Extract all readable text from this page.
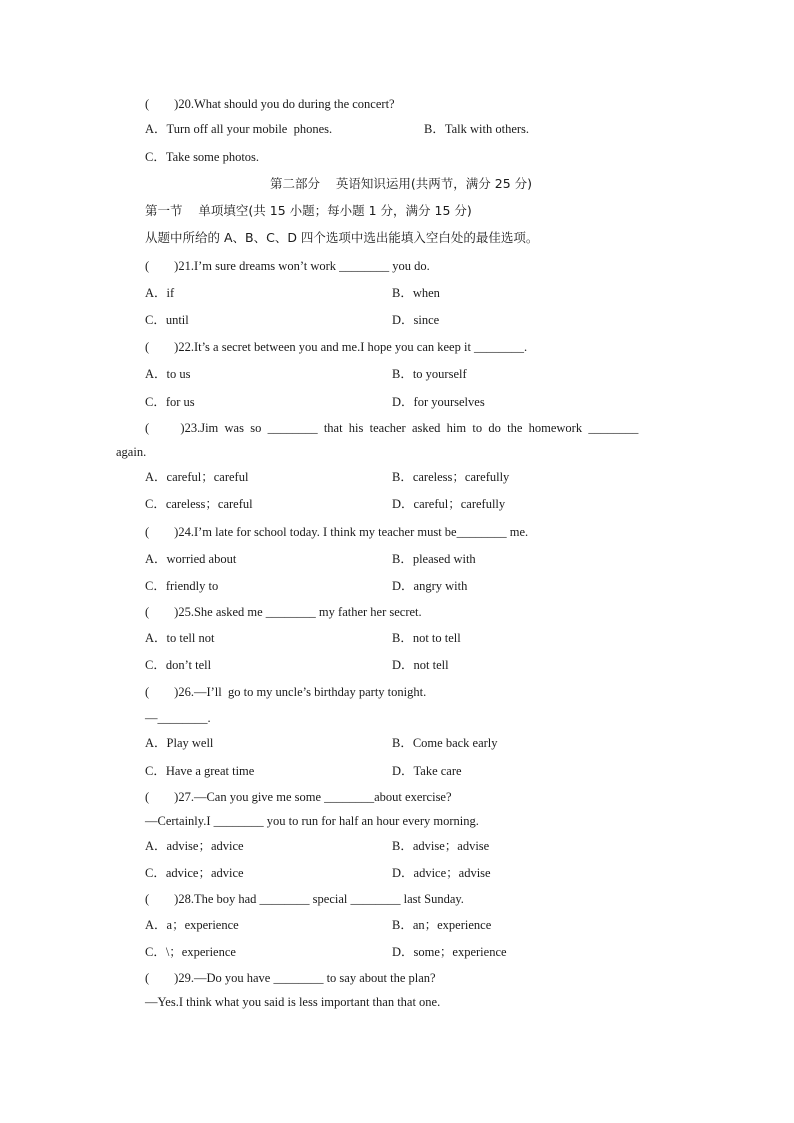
(        )20.What should you do during the concert?
A．Turn off all your mobile  phones.	B．Talk with others.
C．Take some photos.
第二部分    英语知识运用(共两节，满分 25 分)
第一节    单项填空(共 15 小题；每小题 1 分，满分 15 分)
从题中所给的 A、B、C、D 四个选项中选出能填入空白处的最佳选项。
(        )21.I’m sure dreams won’t work ________ you do.
A．if	B．when
C．until	D．since
(        )22.It’s a secret between you and me.I hope you can keep it ________.
A．to us	B．to yourself
C．for us	D．for yourselves
(          )23.Jim  was  so  ________  that  his  teacher  asked  him  to  do  the  homework  ________
again.
A．careful；careful	B．careless；carefully
C．careless；careful	D．careful；carefully
(        )24.I’m late for school today. I think my teacher must be________ me.
A．worried about	B．pleased with
C．friendly to	D．angry with
(        )25.She asked me ________ my father her secret.
A．to tell not	B．not to tell
C．don’t tell	D．not tell
(        )26.—I’ll  go to my uncle’s birthday party tonight.
—________.
A．Play well	B．Come back early
C．Have a great time	D．Take care
(        )27.—Can you give me some ________about exercise?
—Certainly.I ________ you to run for half an hour every morning.
A．advise；advice	B．advise；advise
C．advice；advice	D．advice；advise
(        )28.The boy had ________ special ________ last Sunday.
A．a；experience	B．an；experience
C．\；experience	D．some；experience
(        )29.—Do you have ________ to say about the plan?
—Yes.I think what you said is less important than that one.
